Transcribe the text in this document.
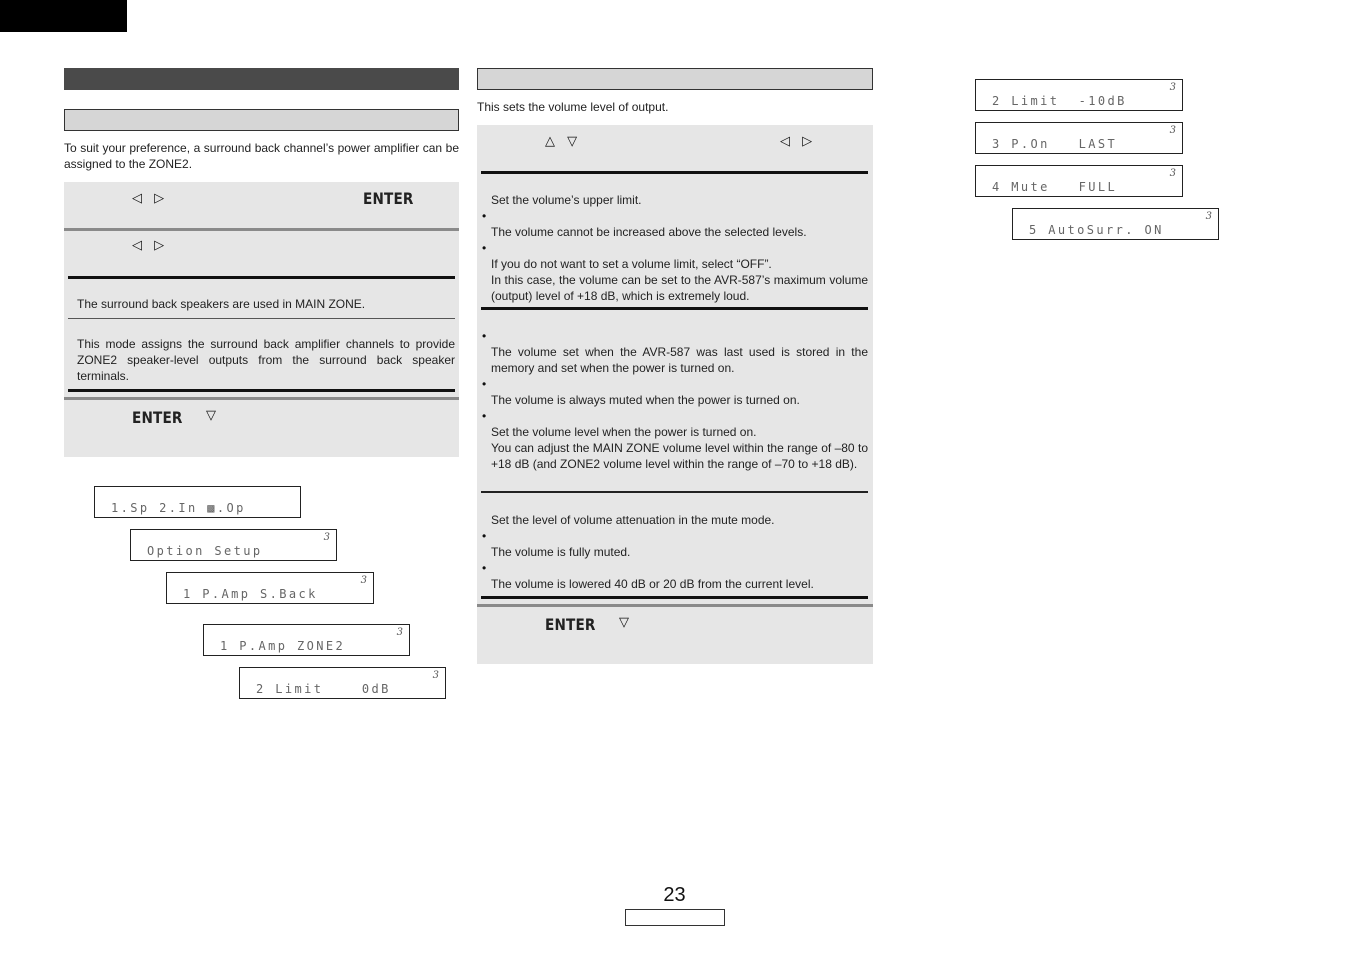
To suit your preference, a surround back channel’s power amplifier can be assigned to the ZONE2.
◁ ▷	ENTER
◁ ▷
The surround back speakers are used in MAIN ZONE.
This mode assigns the surround back amplifier channels to provide ZONE2 speaker-level outputs from the surround back speaker terminals.
ENTER ▽
1.Sp 2.In ▩.Op
Option Setup
3
1 P.Amp S.Back
3
1 P.Amp ZONE2
3
2 Limit    0dB
3
This sets the volume level of output.
△ ▽	◁ ▷
Set the volume’s upper limit.
•
The volume cannot be increased above the selected levels.
•
If you do not want to set a volume limit, select “OFF”.
In this case, the volume can be set to the AVR-587’s maximum volume (output) level of +18 dB, which is extremely loud.
•
The volume set when the AVR-587 was last used is stored in the memory and set when the power is turned on.
•
The volume is always muted when the power is turned on.
•
Set the volume level when the power is turned on.
You can adjust the MAIN ZONE volume level within the range of –80 to +18 dB (and ZONE2 volume level within the range of –70 to +18 dB).
Set the level of volume attenuation in the mute mode.
•
The volume is fully muted.
•
The volume is lowered 40 dB or 20 dB from the current level.
ENTER ▽
2 Limit  -10dB
3
3 P.On   LAST
3
4 Mute   FULL
3
5 AutoSurr. ON
3
23
